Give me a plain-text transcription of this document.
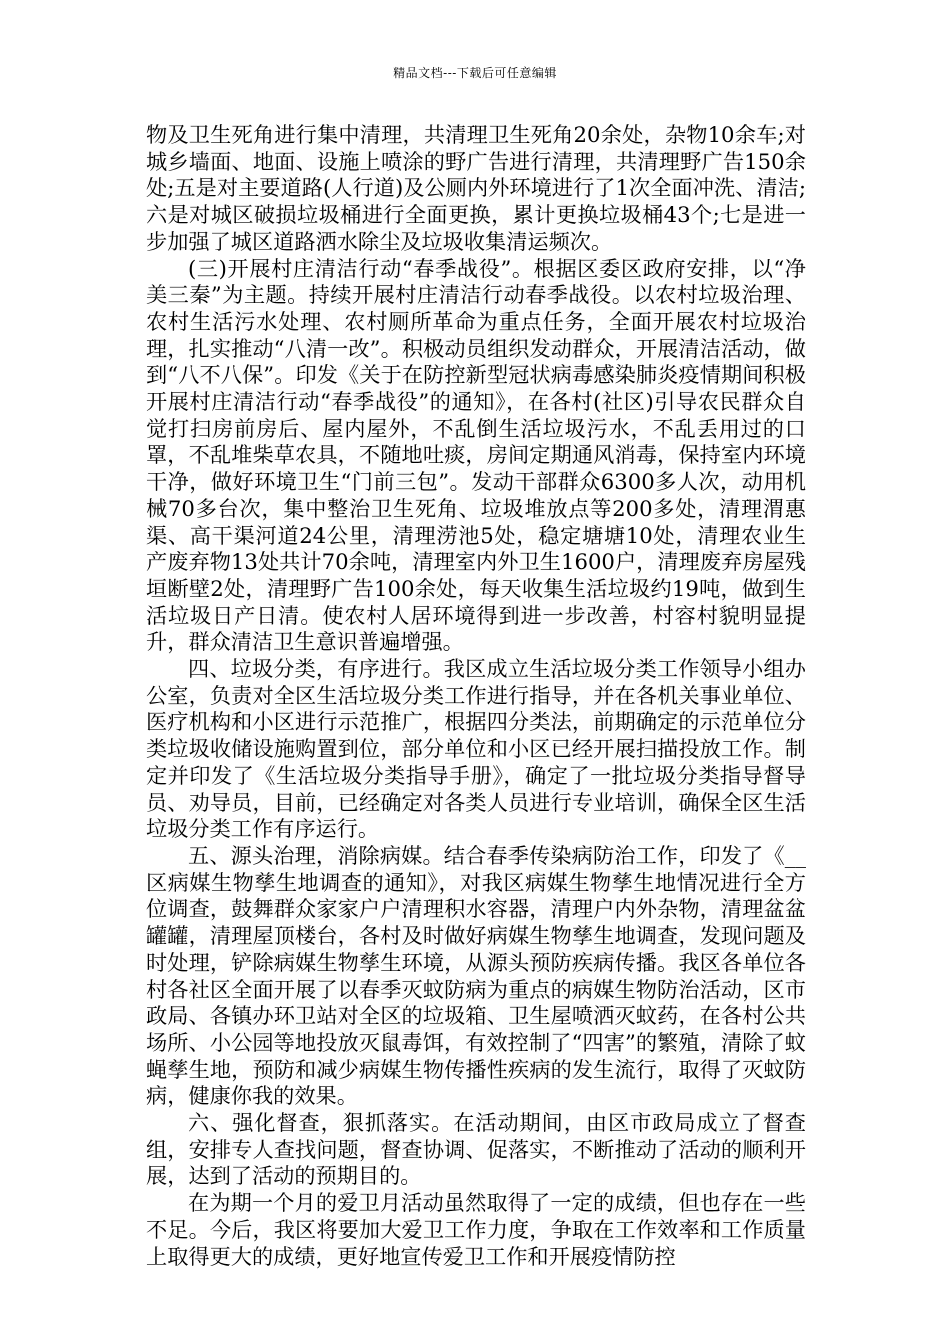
精品文档---下载后可任意编辑

物及卫生死角进行集中清理，共清理卫生死角20余处，杂物10余车;对城乡墙面、地面、设施上喷涂的野广告进行清理，共清理野广告150余处;五是对主要道路(人行道)及公厕内外环境进行了1次全面冲洗、清洁;六是对城区破损垃圾桶进行全面更换，累计更换垃圾桶43个;七是进一步加强了城区道路洒水除尘及垃圾收集清运频次。

(三)开展村庄清洁行动“春季战役”。根据区委区政府安排，以“净美三秦”为主题。持续开展村庄清洁行动春季战役。以农村垃圾治理、农村生活污水处理、农村厕所革命为重点任务，全面开展农村垃圾治理，扎实推动“八清一改”。积极动员组织发动群众，开展清洁活动，做到“八不八保”。印发《关于在防控新型冠状病毒感染肺炎疫情期间积极开展村庄清洁行动“春季战役”的通知》，在各村(社区)引导农民群众自觉打扫房前房后、屋内屋外，不乱倒生活垃圾污水，不乱丢用过的口罩，不乱堆柴草农具，不随地吐痰，房间定期通风消毒，保持室内环境干净，做好环境卫生“门前三包”。发动干部群众6300多人次，动用机械70多台次，集中整治卫生死角、垃圾堆放点等200多处，清理渭惠渠、高干渠河道24公里，清理涝池5处，稳定塘塘10处，清理农业生产废弃物13处共计70余吨，清理室内外卫生1600户，清理废弃房屋残垣断壁2处，清理野广告100余处，每天收集生活垃圾约19吨，做到生活垃圾日产日清。使农村人居环境得到进一步改善，村容村貌明显提升，群众清洁卫生意识普遍增强。

四、垃圾分类，有序进行。我区成立生活垃圾分类工作领导小组办公室，负责对全区生活垃圾分类工作进行指导，并在各机关事业单位、医疗机构和小区进行示范推广，根据四分类法，前期确定的示范单位分类垃圾收储设施购置到位，部分单位和小区已经开展扫描投放工作。制定并印发了《生活垃圾分类指导手册》，确定了一批垃圾分类指导督导员、劝导员，目前，已经确定对各类人员进行专业培训，确保全区生活垃圾分类工作有序运行。

五、源头治理，消除病媒。结合春季传染病防治工作，印发了《__区病媒生物孳生地调查的通知》，对我区病媒生物孳生地情况进行全方位调查，鼓舞群众家家户户清理积水容器，清理户内外杂物，清理盆盆罐罐，清理屋顶楼台，各村及时做好病媒生物孳生地调查，发现问题及时处理，铲除病媒生物孳生环境，从源头预防疾病传播。我区各单位各村各社区全面开展了以春季灭蚊防病为重点的病媒生物防治活动，区市政局、各镇办环卫站对全区的垃圾箱、卫生屋喷洒灭蚊药，在各村公共场所、小公园等地投放灭鼠毒饵，有效控制了“四害”的繁殖，清除了蚊蝇孳生地，预防和减少病媒生物传播性疾病的发生流行，取得了灭蚊防病，健康你我的效果。

六、强化督查，狠抓落实。在活动期间，由区市政局成立了督查组，安排专人查找问题，督查协调、促落实，不断推动了活动的顺利开展，达到了活动的预期目的。

在为期一个月的爱卫月活动虽然取得了一定的成绩，但也存在一些不足。今后，我区将要加大爱卫工作力度，争取在工作效率和工作质量上取得更大的成绩，更好地宣传爱卫工作和开展疫情防控
